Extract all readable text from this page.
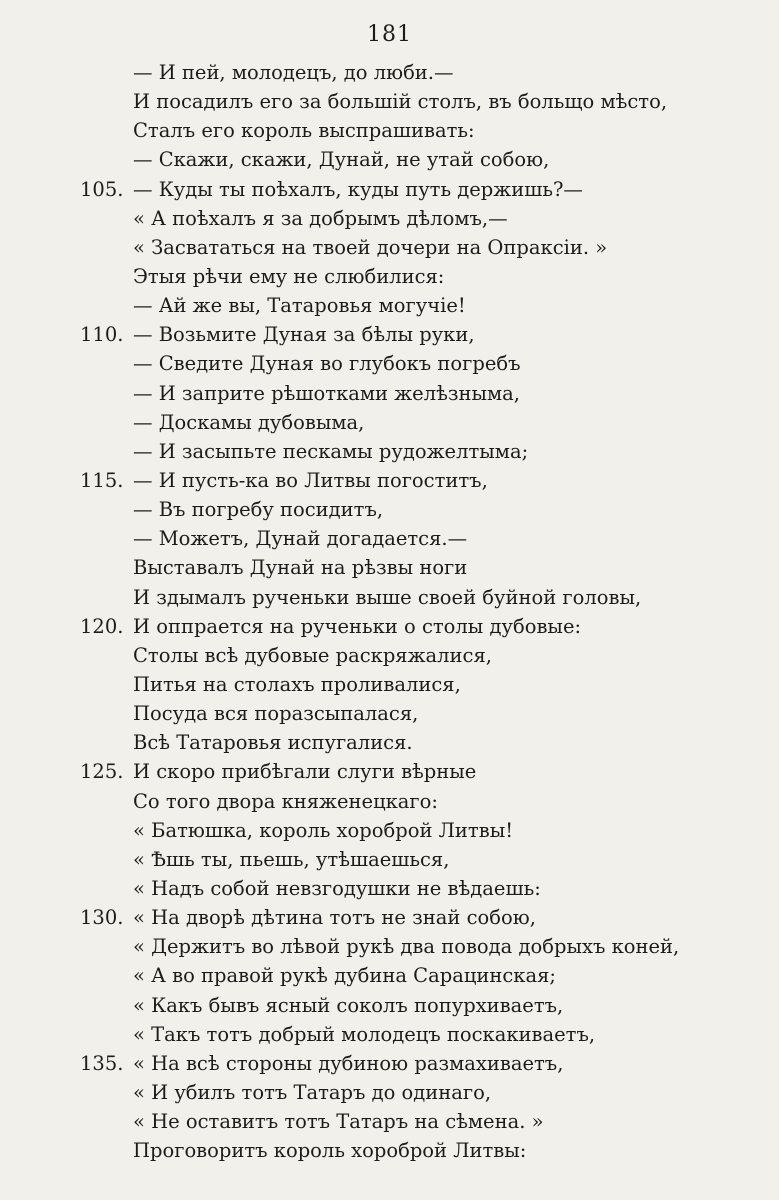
181
— И пей, молодецъ, до люби.—
И посадилъ его за большiй столъ, въ больщо мѣсто,
Сталъ его король выспрашивать:
— Скажи, скажи, Дунай, не утай собою,
105. — Куды ты поѣхалъ, куды путь держишь?—
« А поѣхалъ я за добрымъ дѣломъ,—
« Засвататься на твоей дочери на Опраксiи. »
Этыя рѣчи ему не слюбилися:
— Ай же вы, Татаровья могучiе!
110. — Возьмите Дуная за бѣлы руки,
— Сведите Дуная во глубокъ погребъ
— И заприте рѣшотками желѣзныма,
— Доскамы дубовыма,
— И засыпьте пескамы рудожелтыма;
115. — И пусть-ка во Литвы погоститъ,
— Въ погребу посидитъ,
— Можетъ, Дунай догадается.—
Выставалъ Дунай на рѣзвы ноги
И здымалъ рученьки выше своей буйной головы,
120. И оппрается на рученьки о столы дубовые:
Столы всѣ дубовые раскряжалися,
Питья на столахъ проливалися,
Посуда вся поразсыпалася,
Всѣ Татаровья испугалися.
125. И скоро прибѣгали слуги вѣрные
Со того двора княженецкаго:
« Батюшка, король хороброй Литвы!
« Ѣшь ты, пьешь, утѣшаешься,
« Надъ собой невзгодушки не вѣдаешь:
130. « На дворѣ дѣтина тотъ не знай собою,
« Держитъ во лѣвой рукѣ два повода добрыхъ коней,
« А во правой рукѣ дубина Сарацинская;
« Какъ бывъ ясный соколъ попурхиваетъ,
« Такъ тотъ добрый молодецъ поскакиваетъ,
135. « На всѣ стороны дубиною размахиваетъ,
« И убилъ тотъ Татаръ до одинаго,
« Не оставитъ тотъ Татаръ на сѣмена. »
Проговоритъ король хороброй Литвы:
